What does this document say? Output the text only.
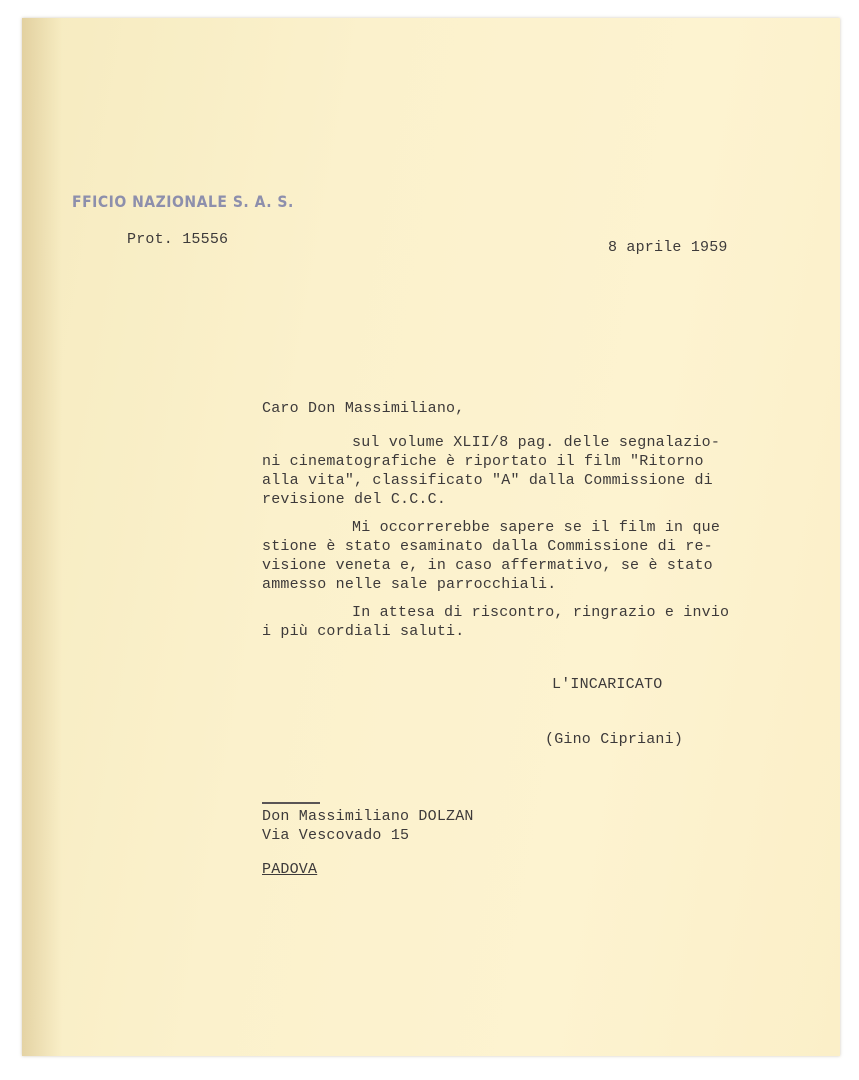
FFICIO NAZIONALE S. A. S.
Prot. 15556	8 aprile 1959
Caro Don Massimiliano,
sul volume XLII/8 pag. delle segnalazio-
ni cinematografiche è riportato il film "Ritorno
alla vita", classificato "A" dalla Commissione di
revisione del C.C.C.
Mi occorrerebbe sapere se il film in que
stione è stato esaminato dalla Commissione di re-
visione veneta e, in caso affermativo, se è stato
ammesso nelle sale parrocchiali.
In attesa di riscontro, ringrazio e invio
i più cordiali saluti.
L'INCARICATO
(Gino Cipriani)
Don Massimiliano DOLZAN
Via Vescovado 15
PADOVA
